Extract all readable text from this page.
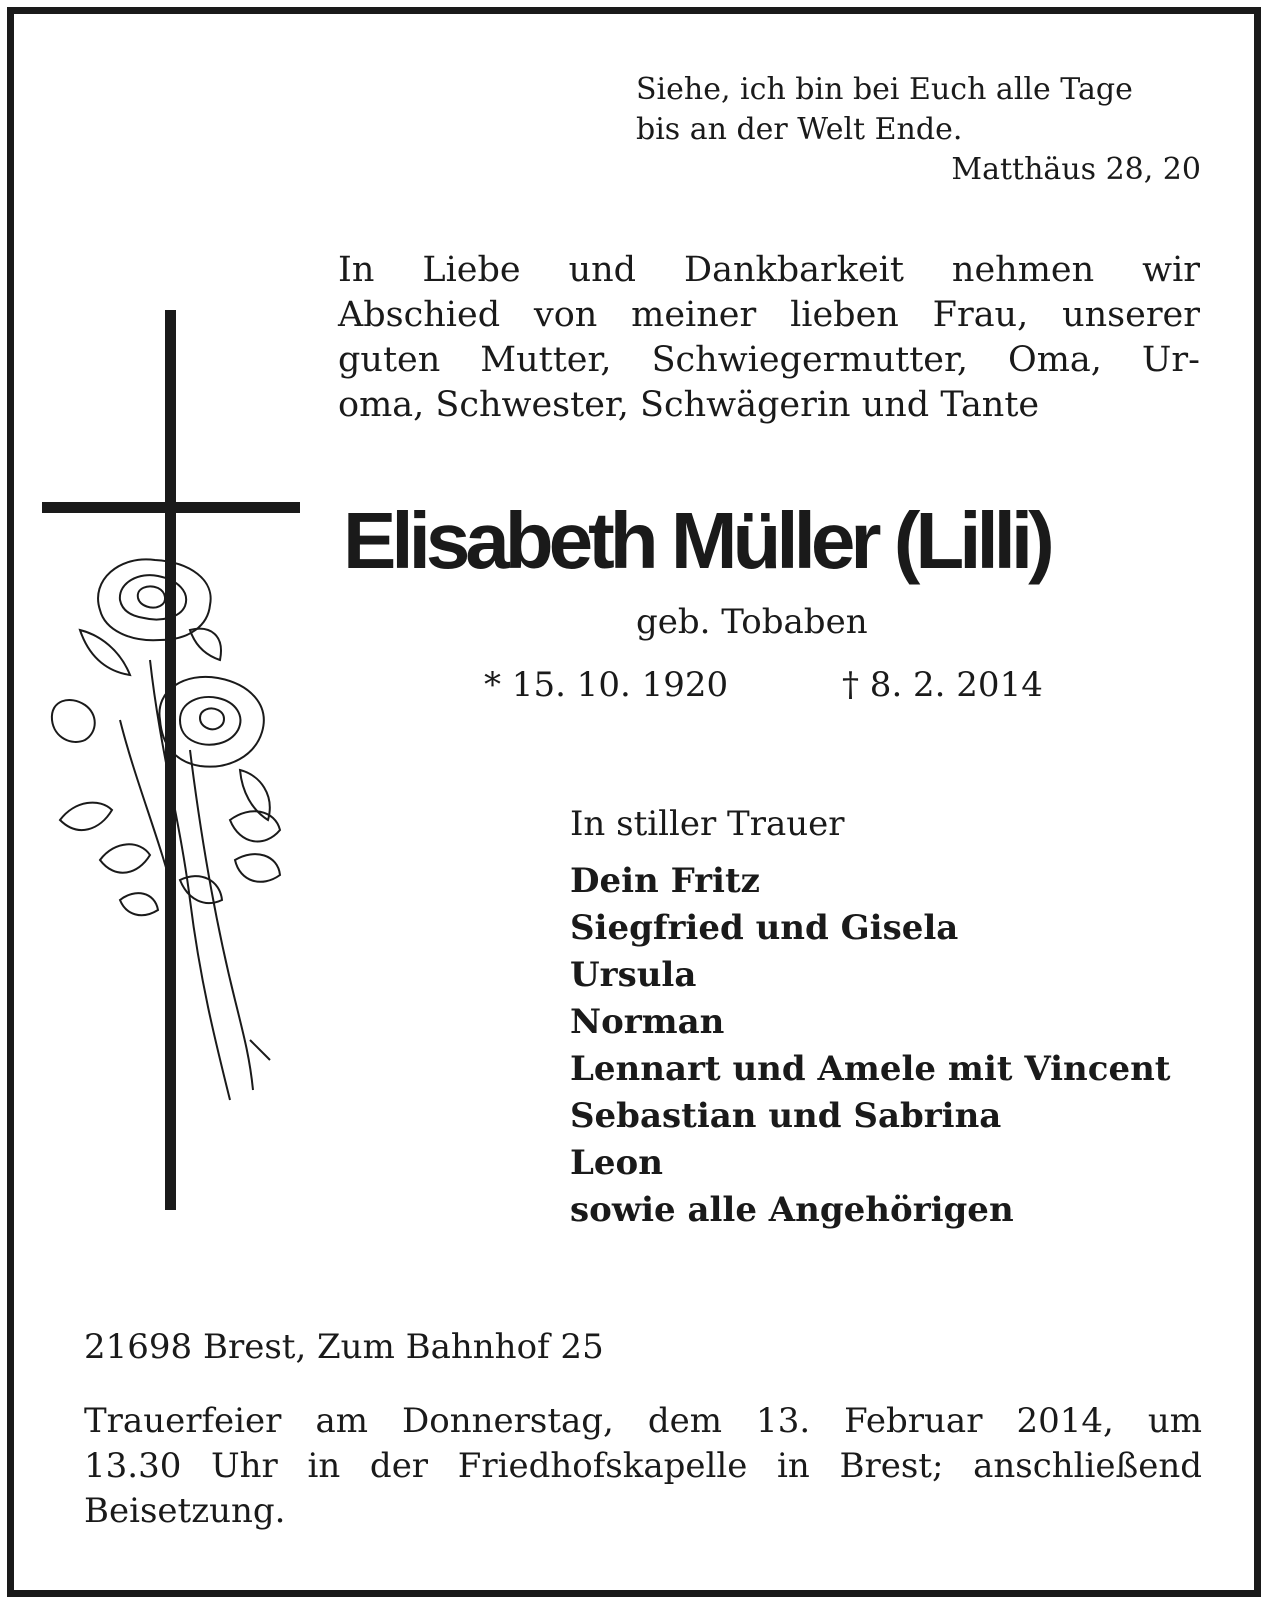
Siehe, ich bin bei Euch alle Tage
bis an der Welt Ende.
Matthäus 28, 20
In Liebe und Dankbarkeit nehmen wir
Abschied von meiner lieben Frau, unserer
guten Mutter, Schwiegermutter, Oma, Ur-
oma, Schwester, Schwägerin und Tante
Elisabeth Müller (Lilli)
geb. Tobaben
* 15. 10. 1920	† 8. 2. 2014
In stiller Trauer
Dein Fritz
Siegfried und Gisela
Ursula
Norman
Lennart und Amele mit Vincent
Sebastian und Sabrina
Leon
sowie alle Angehörigen
21698 Brest, Zum Bahnhof 25
Trauerfeier am Donnerstag, dem 13. Februar 2014, um
13.30 Uhr in der Friedhofskapelle in Brest; anschließend
Beisetzung.
